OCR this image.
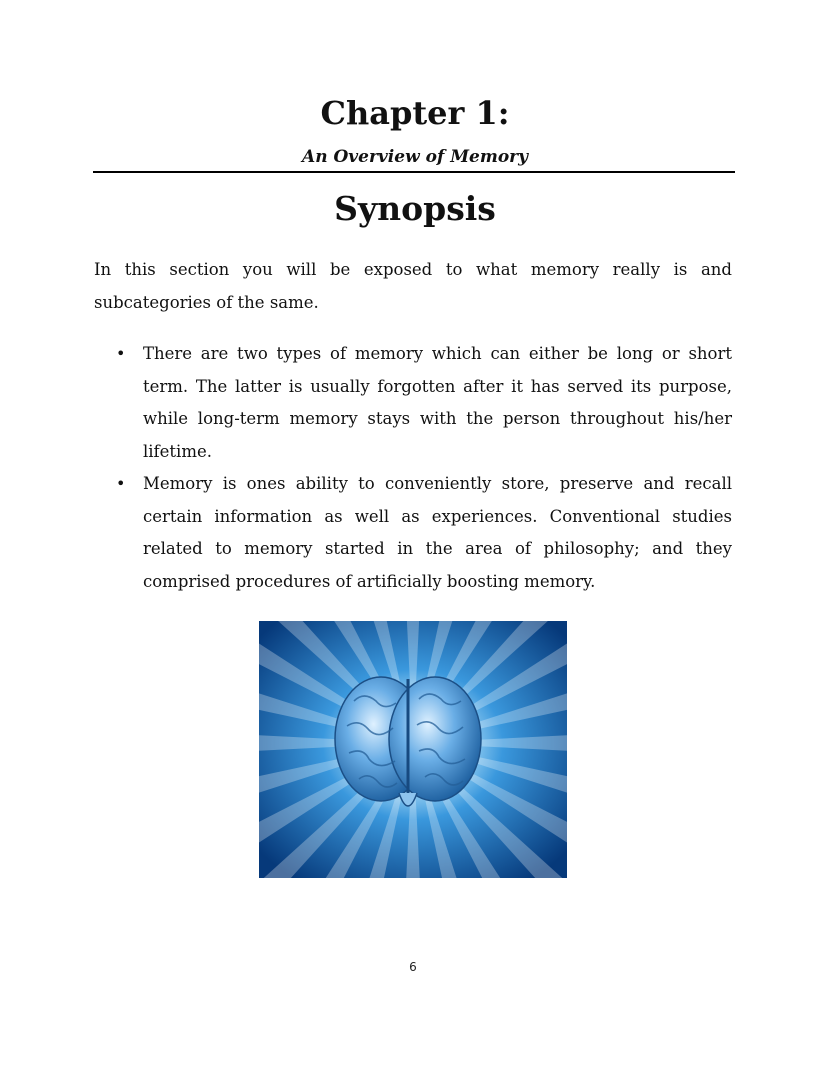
Chapter 1:
An Overview of Memory
Synopsis

In this section you will be exposed to what memory really is and subcategories of the same.

• There are two types of memory which can either be long or short term. The latter is usually forgotten after it has served its purpose, while long-term memory stays with the person throughout his/her lifetime.
• Memory is ones ability to conveniently store, preserve and recall certain information as well as experiences. Conventional studies related to memory started in the area of philosophy; and they comprised procedures of artificially boosting memory.
6
